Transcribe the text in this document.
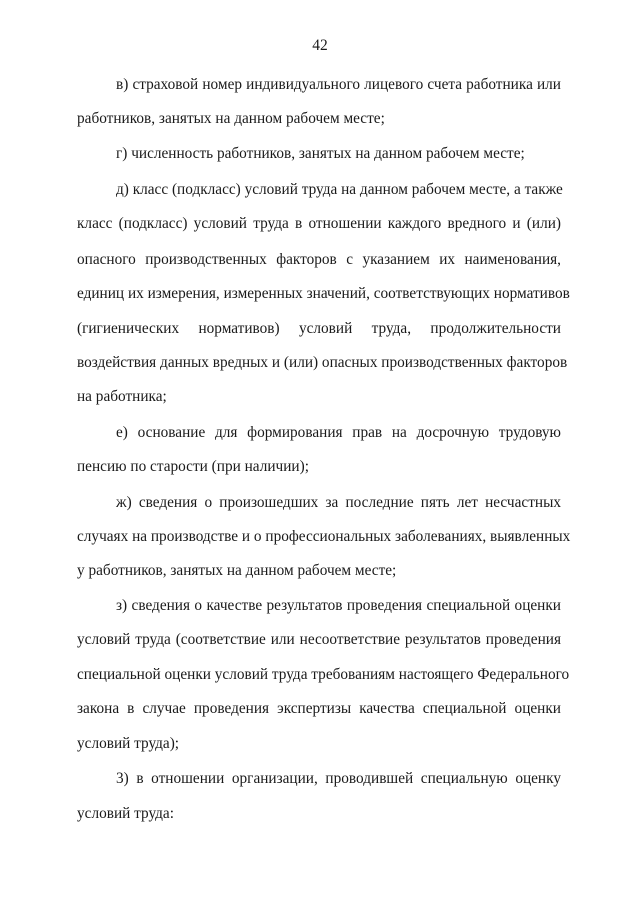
42
в) страховой номер индивидуального лицевого счета работника или
работников, занятых на данном рабочем месте;
г) численность работников, занятых на данном рабочем месте;
д) класс (подкласс) условий труда на данном рабочем месте, а также
класс (подкласс) условий труда в отношении каждого вредного и (или)
опасного производственных факторов с указанием их наименования,
единиц их измерения, измеренных значений, соответствующих нормативов
(гигиенических нормативов) условий труда, продолжительности
воздействия данных вредных и (или) опасных производственных факторов
на работника;
е) основание для формирования прав на досрочную трудовую
пенсию по старости (при наличии);
ж) сведения о произошедших за последние пять лет несчастных
случаях на производстве и о профессиональных заболеваниях, выявленных
у работников, занятых на данном рабочем месте;
з) сведения о качестве результатов проведения специальной оценки
условий труда (соответствие или несоответствие результатов проведения
специальной оценки условий труда требованиям настоящего Федерального
закона в случае проведения экспертизы качества специальной оценки
условий труда);
3) в отношении организации, проводившей специальную оценку
условий труда:
